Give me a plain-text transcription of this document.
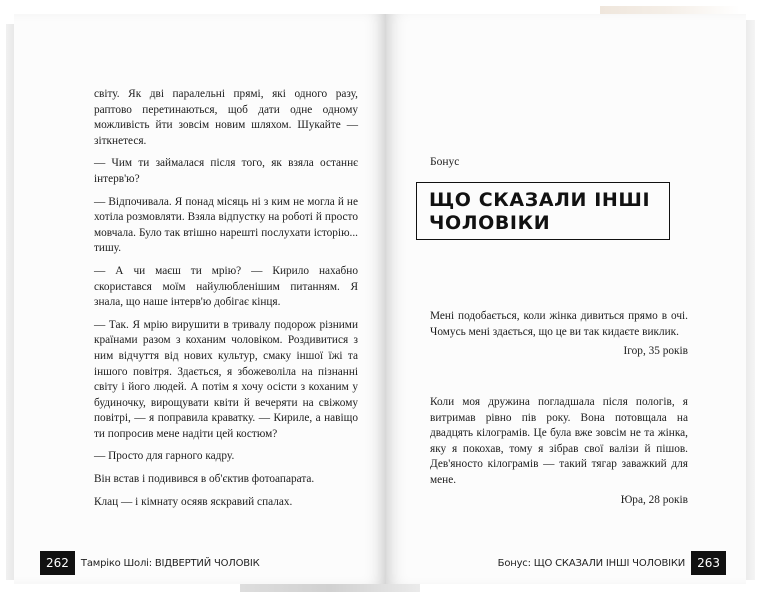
світу. Як дві паралельні прямі, які одного разу, раптово перетинаються, щоб дати одне одному можливість йти зовсім новим шляхом. Шукайте — зіткнетеся.

— Чим ти займалася після того, як взяла останнє інтерв'ю?

— Відпочивала. Я понад місяць ні з ким не могла й не хотіла розмовляти. Взяла відпустку на роботі й просто мовчала. Було так втішно нарешті послухати історію... тишу.

— А чи маєш ти мрію? — Кирило нахабно скористався моїм найулюбленішим питанням. Я знала, що наше інтерв'ю добігає кінця.

— Так. Я мрію вирушити в тривалу подорож різними країнами разом з коханим чоловіком. Роздивитися з ним відчуття від нових культур, смаку іншої їжі та іншого повітря. Здається, я збожеволіла на пізнанні світу і його людей. А потім я хочу осісти з коханим у будиночку, вирощувати квіти й вечеряти на свіжому повітрі, — я поправила краватку. — Кириле, а навіщо ти попросив мене надіти цей костюм?

— Просто для гарного кадру.

Він встав і подивився в об'єктив фотоапарата.

Клац — і кімнату осяяв яскравий спалах.

262	Тамріко Шолі: ВІДВЕРТИЙ ЧОЛОВІК
Бонус
ЩО СКАЗАЛИ ІНШІ
ЧОЛОВІКИ

Мені подобається, коли жінка дивиться прямо в очі. Чомусь мені здається, що це ви так кидаєте виклик.

Ігор, 35 років

Коли моя дружина погладшала після пологів, я витримав рівно пів року. Вона потовщала на двадцять кілограмів. Це була вже зовсім не та жінка, яку я покохав, тому я зібрав свої валізи й пішов. Дев'яносто кілограмів — такий тягар заважкий для мене.

Юра, 28 років
Бонус: ЩО СКАЗАЛИ ІНШІ ЧОЛОВІКИ	263
